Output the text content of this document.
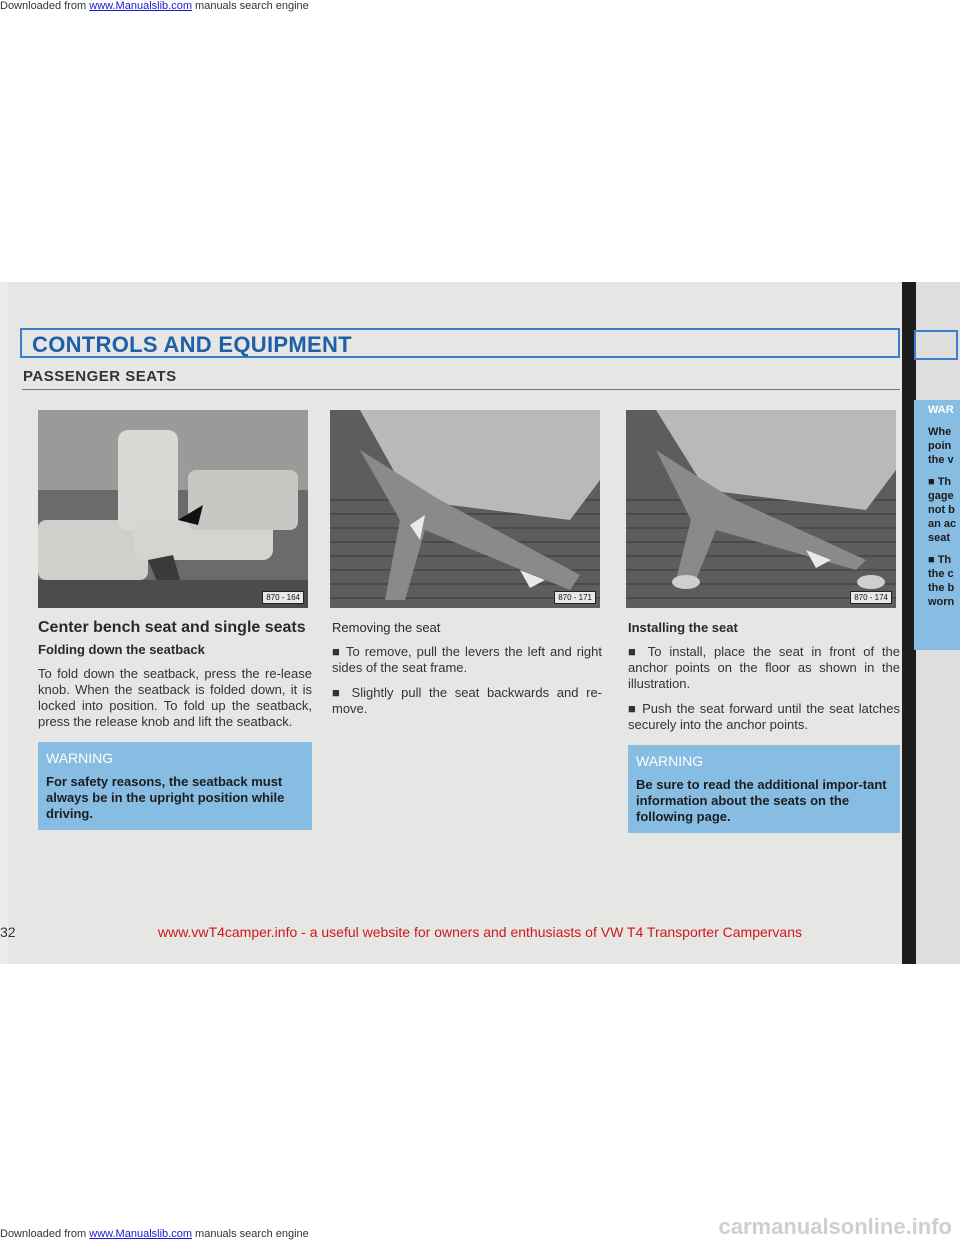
Downloaded from www.Manualslib.com manuals search engine
CONTROLS AND EQUIPMENT
PASSENGER SEATS
870 - 164	870 - 171	870 - 174
Center bench seat and single seats
Folding down the seatback

To fold down the seatback, press the re-lease knob. When the seatback is folded down, it is locked into position. To fold up the seatback, press the release knob and lift the seatback.

WARNING
For safety reasons, the seatback must always be in the upright position while driving.
Removing the seat

■ To remove, pull the levers the left and right sides of the seat frame.

■ Slightly pull the seat backwards and re-move.

Installing the seat

■ To install, place the seat in front of the anchor points on the floor as shown in the illustration.

■ Push the seat forward until the seat latches securely into the anchor points.

WARNING
Be sure to read the additional impor-tant information about the seats on the following page.
32	www.vwT4camper.info - a useful website for owners and enthusiasts of VW T4 Transporter Campervans
WAR
Whe
poin
the v
■ Th
gage
not b
an ac
seat
■ Th
the c
the b
worn
Downloaded from www.Manualslib.com manuals search engine	carmanualsonline.info
